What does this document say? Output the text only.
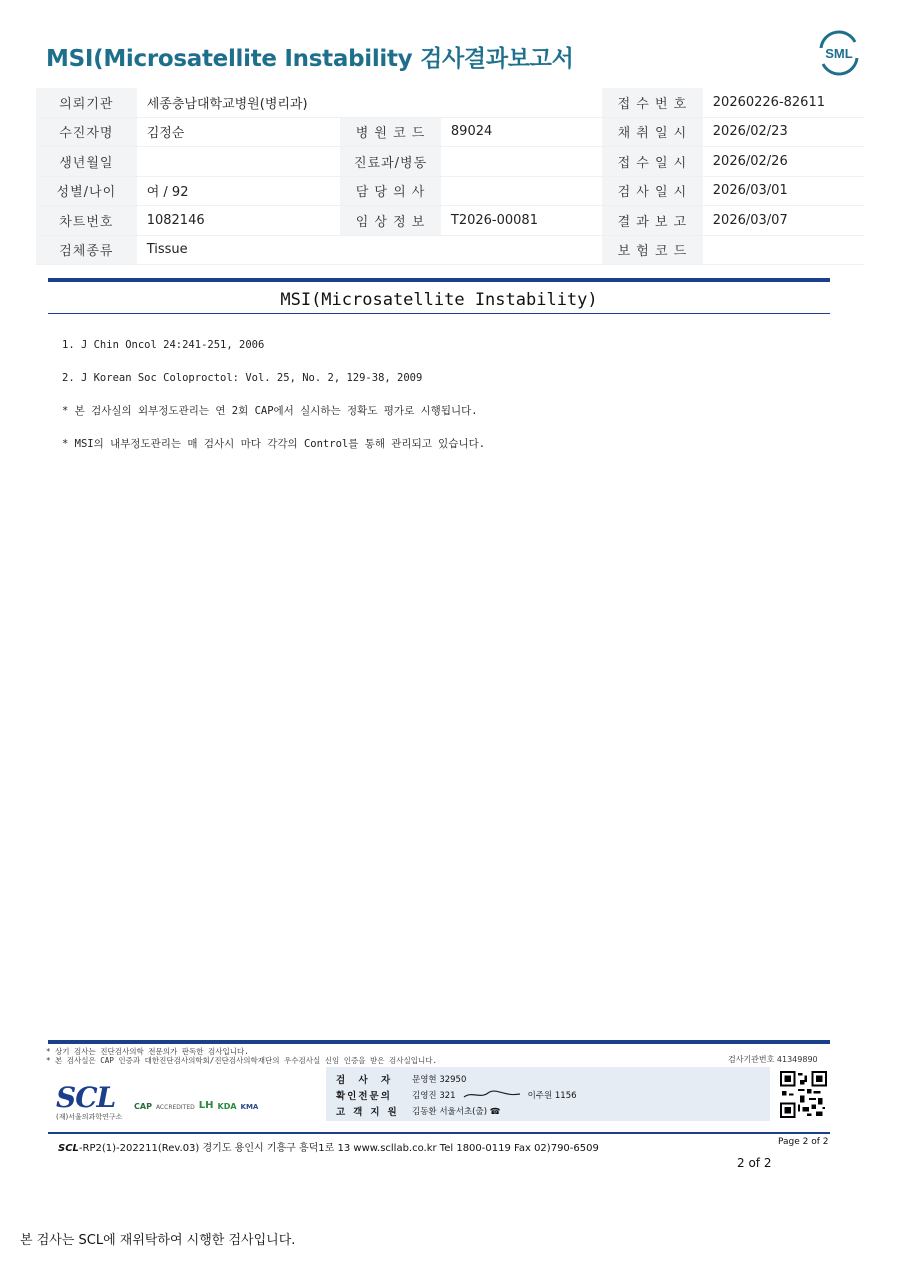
MSI(Microsatellite Instability 검사결과보고서	SML
의뢰기관	세종충남대학교병원(병리과)			접 수 번 호	20260226-82611
수진자명	김정순	병 원 코 드	89024	채 취 일 시	2026/02/23
생년월일		진료과/병동		접 수 일 시	2026/02/26
성별/나이	여 / 92	담 당 의 사		검 사 일 시	2026/03/01
차트번호	1082146	임 상 정 보	T2026-00081	결 과 보 고	2026/03/07
검체종류	Tissue			보 험 코 드	
MSI(Microsatellite Instability)

1. J Chin Oncol 24:241-251, 2006

2. J Korean Soc Coloproctol: Vol. 25, No. 2, 129-38, 2009

* 본 검사실의 외부정도관리는 연 2회 CAP에서 실시하는 정확도 평가로 시행됩니다.

* MSI의 내부정도관리는 매 검사시 마다 각각의 Control를 통해 관리되고 있습니다.

* 상기 검사는 진단검사의학 전문의가 판독한 검사입니다.
* 본 검사실은 CAP 인증과 대한진단검사의학회/진단검사의학재단의 우수검사실 신임 인증을 받은 검사실입니다.	검사기관번호 41349890
SCL
(재)서울의과학연구소
CAP ACCREDITED LH KDA KMA
검 사 자	문영현 32950
확인전문의	김영진 321	이주원 1156
고객지원 김동환 서울서초(출) ☎
SCL-RP2(1)-202211(Rev.03) 경기도 용인시 기흥구 흥덕1로 13 www.scllab.co.kr Tel 1800-0119 Fax 02)790-6509
Page 2 of 2
2 of 2
본 검사는 SCL에 재위탁하여 시행한 검사입니다.
